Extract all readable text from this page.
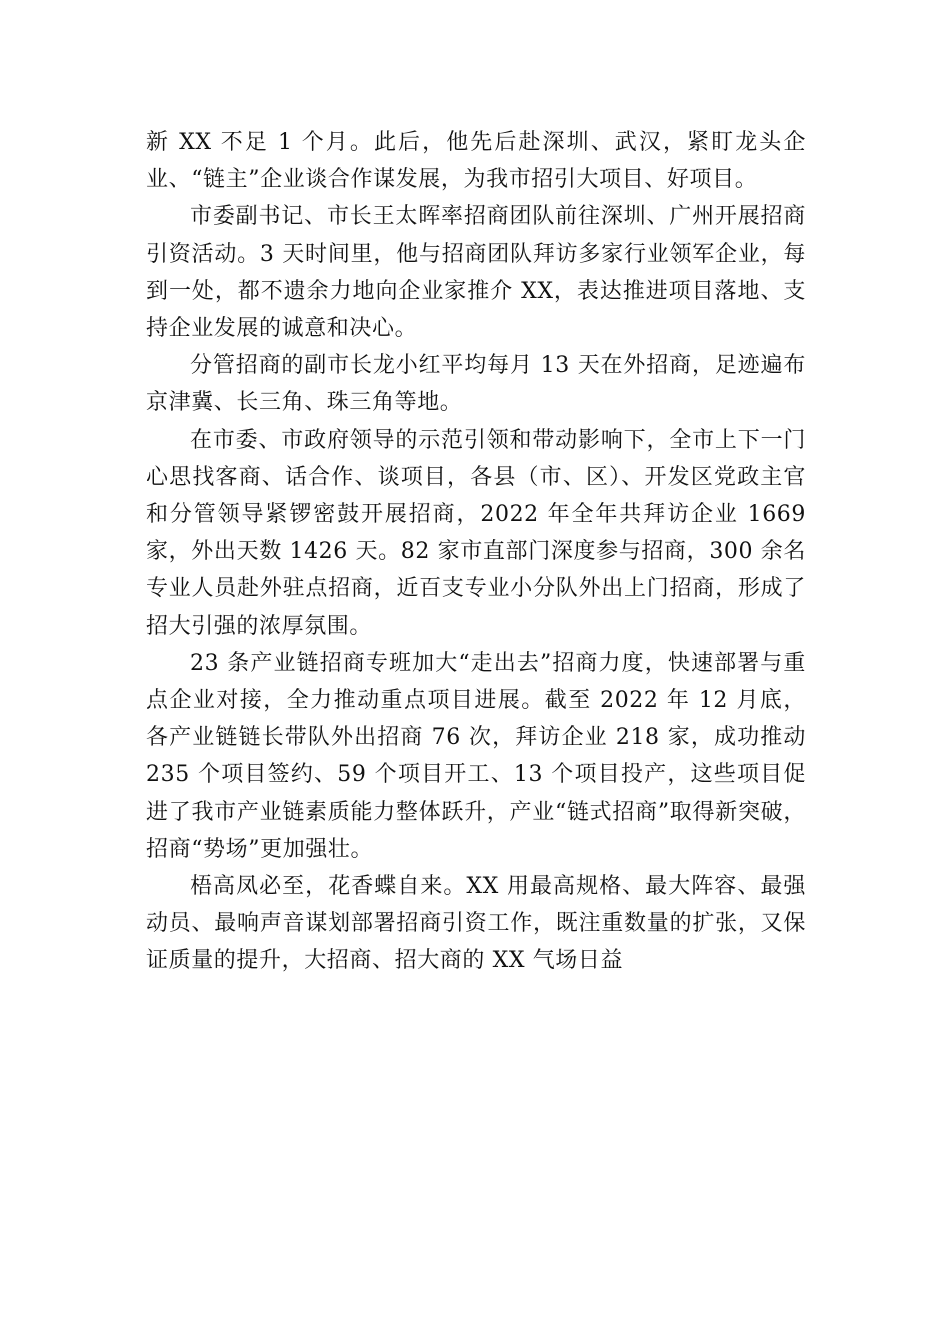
新 XX 不足 1 个月。此后，他先后赴深圳、武汉，紧盯龙头企业、“链主”企业谈合作谋发展，为我市招引大项目、好项目。

市委副书记、市长王太晖率招商团队前往深圳、广州开展招商引资活动。3 天时间里，他与招商团队拜访多家行业领军企业，每到一处，都不遗余力地向企业家推介 XX，表达推进项目落地、支持企业发展的诚意和决心。

分管招商的副市长龙小红平均每月 13 天在外招商，足迹遍布京津冀、长三角、珠三角等地。

在市委、市政府领导的示范引领和带动影响下，全市上下一门心思找客商、话合作、谈项目，各县（市、区）、开发区党政主官和分管领导紧锣密鼓开展招商，2022 年全年共拜访企业 1669 家，外出天数 1426 天。82 家市直部门深度参与招商，300 余名专业人员赴外驻点招商，近百支专业小分队外出上门招商，形成了招大引强的浓厚氛围。

23 条产业链招商专班加大“走出去”招商力度，快速部署与重点企业对接，全力推动重点项目进展。截至 2022 年 12 月底，各产业链链长带队外出招商 76 次，拜访企业 218 家，成功推动 235 个项目签约、59 个项目开工、13 个项目投产，这些项目促进了我市产业链素质能力整体跃升，产业“链式招商”取得新突破，招商“势场”更加强壮。

梧高凤必至，花香蝶自来。XX 用最高规格、最大阵容、最强动员、最响声音谋划部署招商引资工作，既注重数量的扩张，又保证质量的提升，大招商、招大商的 XX 气场日益
